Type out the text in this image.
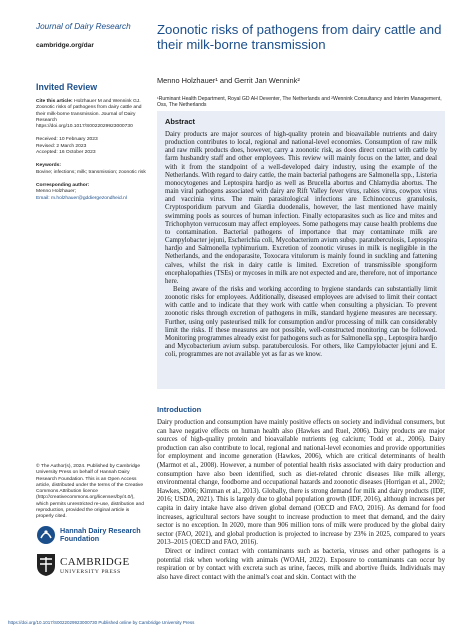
Journal of Dairy Research
cambridge.org/dar
Invited Review
Cite this article: Holzhauer M and Wennink GJ. Zoonotic risks of pathogens from dairy cattle and their milk-borne transmission. Journal of Dairy Research https://doi.org/10.1017/S0022029923000730
Received: 10 February 2023
Revised: 2 March 2023
Accepted: 16 October 2023
Keywords:
Bovine; infections; milk; transmission; zoonotic risk
Corresponding author:
Menno Holzhauer;
Email: m.holzhauer@gddiergezondheid.nl
© The Author(s), 2024. Published by Cambridge University Press on behalf of Hannah Dairy Research Foundation. This is an Open Access article, distributed under the terms of the Creative Commons Attribution licence (http://creativecommons.org/licenses/by/4.0/), which permits unrestricted re-use, distribution and reproduction, provided the original article is properly cited.
Hannah Dairy Research Foundation
CAMBRIDGE
UNIVERSITY PRESS
Zoonotic risks of pathogens from dairy cattle and their milk-borne transmission
Menno Holzhauer¹ and Gerrit Jan Wennink²
¹Ruminant Health Department, Royal GD AH Deventer, The Netherlands and ²Wennink Consultancy and Interim Management, Oss, The Netherlands
Abstract

Dairy products are major sources of high-quality protein and bioavailable nutrients and dairy production contributes to local, regional and national-level economies. Consumption of raw milk and raw milk products does, however, carry a zoonotic risk, as does direct contact with cattle by farm husbandry staff and other employees. This review will mainly focus on the latter, and deal with it from the standpoint of a well-developed dairy industry, using the example of the Netherlands. With regard to dairy cattle, the main bacterial pathogens are Salmonella spp., Listeria monocytogenes and Leptospira hardjo as well as Brucella abortus and Chlamydia abortus. The main viral pathogens associated with dairy are Rift Valley fever virus, rabies virus, cowpox virus and vaccinia virus. The main parasitological infections are Echinococcus granulosis, Cryptosporidium parvum and Giardia duodenalis, however, the last mentioned have mainly swimming pools as sources of human infection. Finally ectoparasites such as lice and mites and Trichophyton verrucosum may affect employees. Some pathogens may cause health problems due to contamination. Bacterial pathogens of importance that may contaminate milk are Campylobacter jejuni, Escherichia coli, Mycobacterium avium subsp. paratuberculosis, Leptospira hardjo and Salmonella typhimurium. Excretion of zoonotic viruses in milk is negligible in the Netherlands, and the endoparasite, Toxocara vitulorum is mainly found in suckling and fattening calves, whilst the risk in dairy cattle is limited. Excretion of transmissible spongiform encephalopathies (TSEs) or mycoses in milk are not expected and are, therefore, not of importance here.

Being aware of the risks and working according to hygiene standards can substantially limit zoonotic risks for employees. Additionally, diseased employees are advised to limit their contact with cattle and to indicate that they work with cattle when consulting a physician. To prevent zoonotic risks through excretion of pathogens in milk, standard hygiene measures are necessary. Further, using only pasteurised milk for consumption and/or processing of milk can considerably limit the risks. If these measures are not possible, well-constructed monitoring can be followed. Monitoring programmes already exist for pathogens such as for Salmonella spp., Leptospira hardjo and Mycobacterium avium subsp. paratuberculosis. For others, like Campylobacter jejuni and E. coli, programmes are not available yet as far as we know.

Introduction

Dairy production and consumption have mainly positive effects on society and individual consumers, but can have negative effects on human health also (Hawkes and Ruel, 2006). Dairy products are major sources of high-quality protein and bioavailable nutrients (eg calcium; Todd et al., 2006). Dairy production can also contribute to local, regional and national-level economies and provide opportunities for employment and income generation (Hawkes, 2006), which are critical determinants of health (Marmot et al., 2008). However, a number of potential health risks associated with dairy production and consumption have also been identified, such as diet-related chronic diseases like milk allergy, environmental change, foodborne and occupational hazards and zoonotic diseases (Horrigan et al., 2002; Hawkes, 2006; Kimman et al., 2013). Globally, there is strong demand for milk and dairy products (IDF, 2016; USDA, 2021). This is largely due to global population growth (IDF, 2016), although increases per capita in dairy intake have also driven global demand (OECD and FAO, 2016). As demand for food increases, agricultural sectors have sought to increase production to meet that demand, and the dairy sector is no exception. In 2020, more than 906 million tons of milk were produced by the global dairy sector (FAO, 2021), and global production is projected to increase by 23% in 2025, compared to years 2013–2015 (OECD and FAO, 2016).

Direct or indirect contact with contaminants such as bacteria, viruses and other pathogens is a potential risk when working with animals (WOAH, 2022). Exposure to contaminants can occur by respiration or by contact with excreta such as urine, faeces, milk and abortive fluids. Individuals may also have direct contact with the animal's coat and skin. Contact with the

https://doi.org/10.1017/S0022029923000730 Published online by Cambridge University Press
